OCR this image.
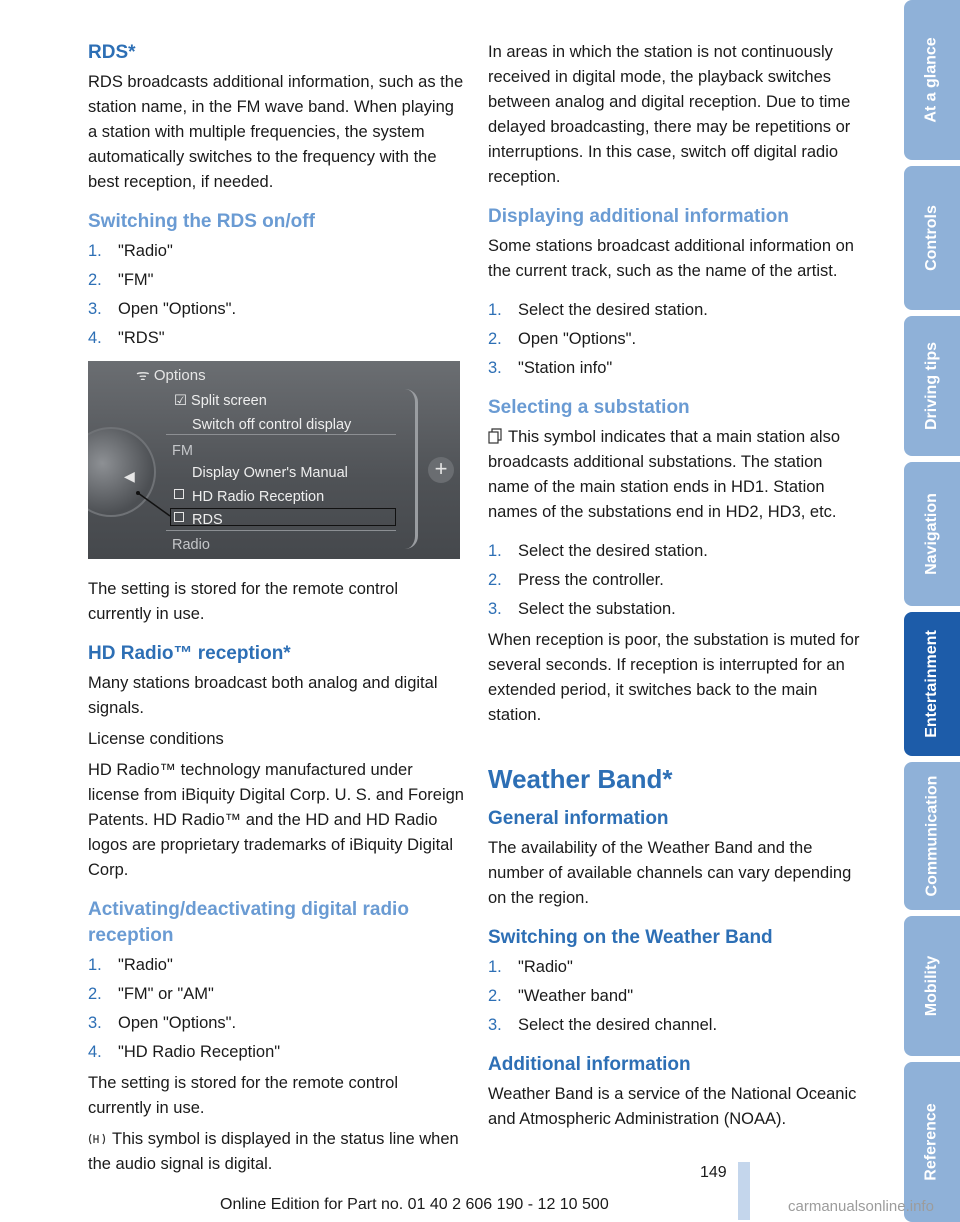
RDS*
RDS broadcasts additional information, such as the station name, in the FM wave band. When playing a station with multiple frequencies, the system automatically switches to the frequency with the best reception, if needed.
Switching the RDS on/off
1. "Radio"
2. "FM"
3. Open "Options".
4. "RDS"
◀	+
ᯤ Options
☑ Split screen
Switch off control display
FM
Display Owner's Manual
HD Radio Reception
RDS
Radio
The setting is stored for the remote control currently in use.
HD Radio™ reception*
Many stations broadcast both analog and digital signals.
License conditions
HD Radio™ technology manufactured under license from iBiquity Digital Corp. U. S. and Foreign Patents. HD Radio™ and the HD and HD Radio logos are proprietary trademarks of iBiquity Digital Corp.
Activating/deactivating digital radio reception
1. "Radio"
2. "FM" or "AM"
3. Open "Options".
4. "HD Radio Reception"
The setting is stored for the remote control currently in use.
This symbol is displayed in the status line when the audio signal is digital.
In areas in which the station is not continuously received in digital mode, the playback switches between analog and digital reception. Due to time delayed broadcasting, there may be repetitions or interruptions. In this case, switch off digital radio reception.
Displaying additional information
Some stations broadcast additional information on the current track, such as the name of the artist.
1. Select the desired station.
2. Open "Options".
3. "Station info"
Selecting a substation
This symbol indicates that a main station also broadcasts additional substations. The station name of the main station ends in HD1. Station names of the substations end in HD2, HD3, etc.
1. Select the desired station.
2. Press the controller.
3. Select the substation.
When reception is poor, the substation is muted for several seconds. If reception is interrupted for an extended period, it switches back to the main station.
Weather Band*
General information
The availability of the Weather Band and the number of available channels can vary depending on the region.
Switching on the Weather Band
1. "Radio"
2. "Weather band"
3. Select the desired channel.
Additional information
Weather Band is a service of the National Oceanic and Atmospheric Administration (NOAA).
At a glance
Controls
Driving tips
Navigation
Entertainment
Communication
Mobility
Reference
149
Online Edition for Part no. 01 40 2 606 190 - 12 10 500	carmanualsonline.info
